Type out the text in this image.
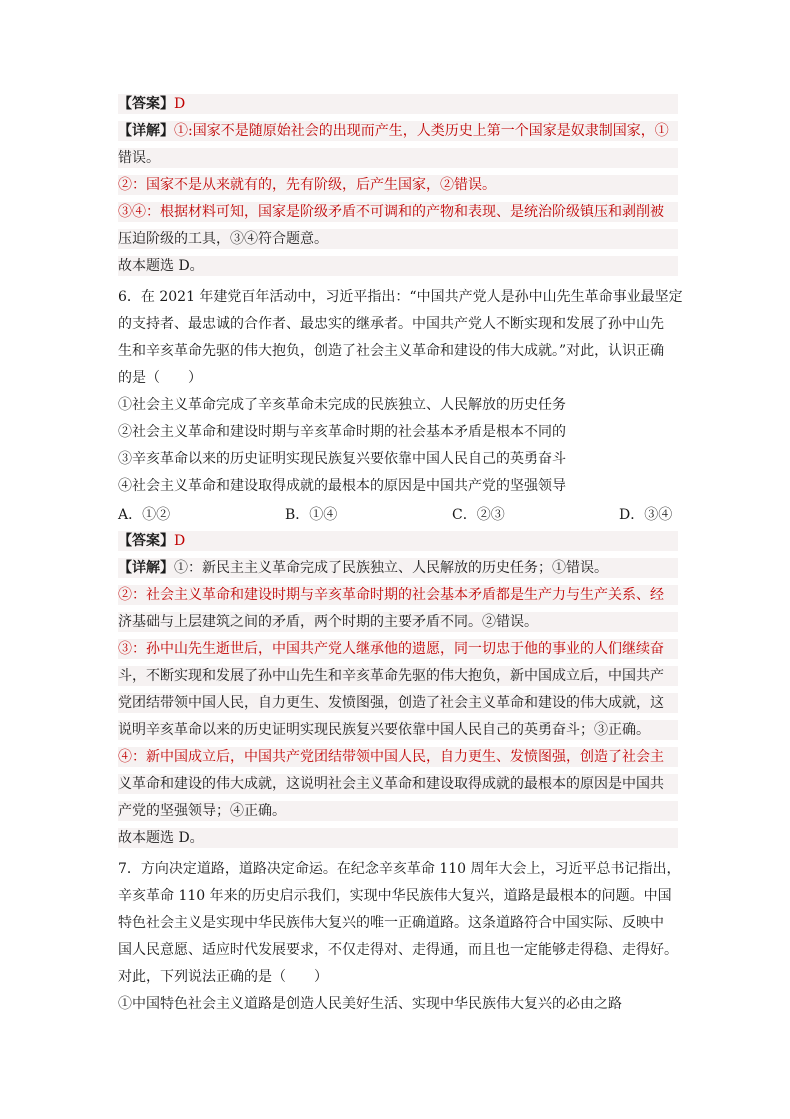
【答案】D
【详解】①:国家不是随原始社会的出现而产生，人类历史上第一个国家是奴隶制国家，①
错误。
②：国家不是从来就有的，先有阶级，后产生国家，②错误。
③④：根据材料可知，国家是阶级矛盾不可调和的产物和表现、是统治阶级镇压和剥削被
压迫阶级的工具，③④符合题意。
故本题选 D。
6．在 2021 年建党百年活动中，习近平指出：“中国共产党人是孙中山先生革命事业最坚定
的支持者、最忠诚的合作者、最忠实的继承者。中国共产党人不断实现和发展了孙中山先
生和辛亥革命先驱的伟大抱负，创造了社会主义革命和建设的伟大成就。”对此，认识正确
的是（　　）
①社会主义革命完成了辛亥革命未完成的民族独立、人民解放的历史任务
②社会主义革命和建设时期与辛亥革命时期的社会基本矛盾是根本不同的
③辛亥革命以来的历史证明实现民族复兴要依靠中国人民自己的英勇奋斗
④社会主义革命和建设取得成就的最根本的原因是中国共产党的坚强领导
A．①②	B．①④	C．②③	D．③④
【答案】D
【详解】①：新民主主义革命完成了民族独立、人民解放的历史任务；①错误。
②：社会主义革命和建设时期与辛亥革命时期的社会基本矛盾都是生产力与生产关系、经
济基础与上层建筑之间的矛盾，两个时期的主要矛盾不同。②错误。
③：孙中山先生逝世后，中国共产党人继承他的遗愿，同一切忠于他的事业的人们继续奋
斗，不断实现和发展了孙中山先生和辛亥革命先驱的伟大抱负，新中国成立后，中国共产
党团结带领中国人民，自力更生、发愤图强，创造了社会主义革命和建设的伟大成就，这
说明辛亥革命以来的历史证明实现民族复兴要依靠中国人民自己的英勇奋斗；③正确。
④：新中国成立后，中国共产党团结带领中国人民，自力更生、发愤图强，创造了社会主
义革命和建设的伟大成就，这说明社会主义革命和建设取得成就的最根本的原因是中国共
产党的坚强领导；④正确。
故本题选 D。
7．方向决定道路，道路决定命运。在纪念辛亥革命 110 周年大会上，习近平总书记指出，
辛亥革命 110 年来的历史启示我们，实现中华民族伟大复兴，道路是最根本的问题。中国
特色社会主义是实现中华民族伟大复兴的唯一正确道路。这条道路符合中国实际、反映中
国人民意愿、适应时代发展要求，不仅走得对、走得通，而且也一定能够走得稳、走得好。
对此，下列说法正确的是（　　）
①中国特色社会主义道路是创造人民美好生活、实现中华民族伟大复兴的必由之路
